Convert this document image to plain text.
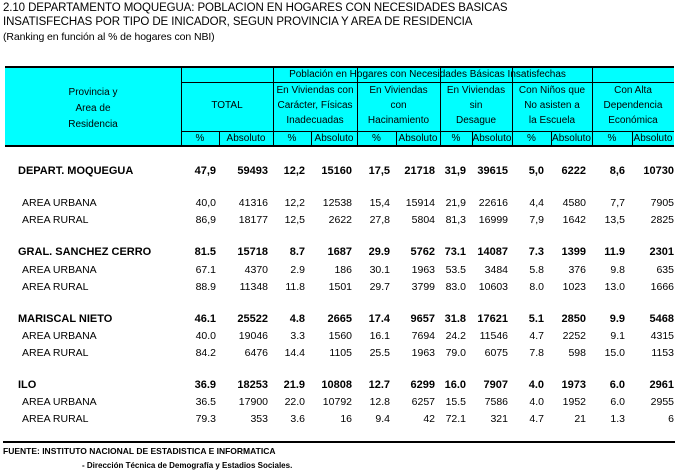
2.10 DEPARTAMENTO MOQUEGUA: POBLACION EN HOGARES CON NECESIDADES BASICAS
INSATISFECHAS POR TIPO DE INICADOR, SEGUN PROVINCIA Y AREA DE RESIDENCIA
(Ranking en función al % de hogares con NBI)
Provincia y
Area de
Residencia
Población en Hogares con Necesidades Básicas Insatisfechas
TOTAL
%	Absoluto
En Viviendas con
Carácter, Físicas
Inadecuadas
%	Absoluto
En Viviendas
con
Hacinamiento
%	Absoluto
En Viviendas
sin
Desague
%	Absoluto
Con Niños que
No asisten a
la Escuela
%	Absoluto
Con Alta
Dependencia
Económica
%	Absoluto
DEPART. MOQUEGUA	47,9 59493 12,2 15160 17,5 21718 31,9 39615 5,0 6222 8,6 10730
AREA URBANA	40,0 41316 12,2 12538 15,4 15914 21,9 22616 4,4 4580 7,7 7905
AREA RURAL	86,9 18177 12,5 2622 27,8 5804 81,3 16999 7,9 1642 13,5 2825
GRAL. SANCHEZ CERRO	81.5 15718 8.7 1687 29.9 5762 73.1 14087 7.3 1399 11.9 2301
AREA URBANA	67.1	4370 2.9	186 30.1 1963 53.5 3484 5.8 376 9.8	635
AREA RURAL	88.9 11348 11.8 1501 29.7 3799 83.0 10603 8.0 1023 13.0 1666
MARISCAL NIETO	46.1 25522 4.8 2665 17.4 9657 31.8 17621 5.1 2850 9.9 5468
AREA URBANA	40.0 19046 3.3 1560 16.1 7694 24.2 11546 4.7 2252 9.1 4315
AREA RURAL	84.2	6476 14.4 1105 25.5 1963 79.0 6075 7.8 598 15.0	1153
ILO	36.9 18253 21.9 10808 12.7 6299 16.0 7907 4.0 1973 6.0 2961
AREA URBANA	36.5 17900 22.0 10792 12.8 6257 15.5 7586 4.0 1952 6.0 2955
AREA RURAL	79.3	353 3.6	16 9.4	42 72.1 321 4.7	21 1.3	6
FUENTE: INSTITUTO NACIONAL DE ESTADISTICA E INFORMATICA
- Dirección Técnica de Demografía y Estadios Sociales.
